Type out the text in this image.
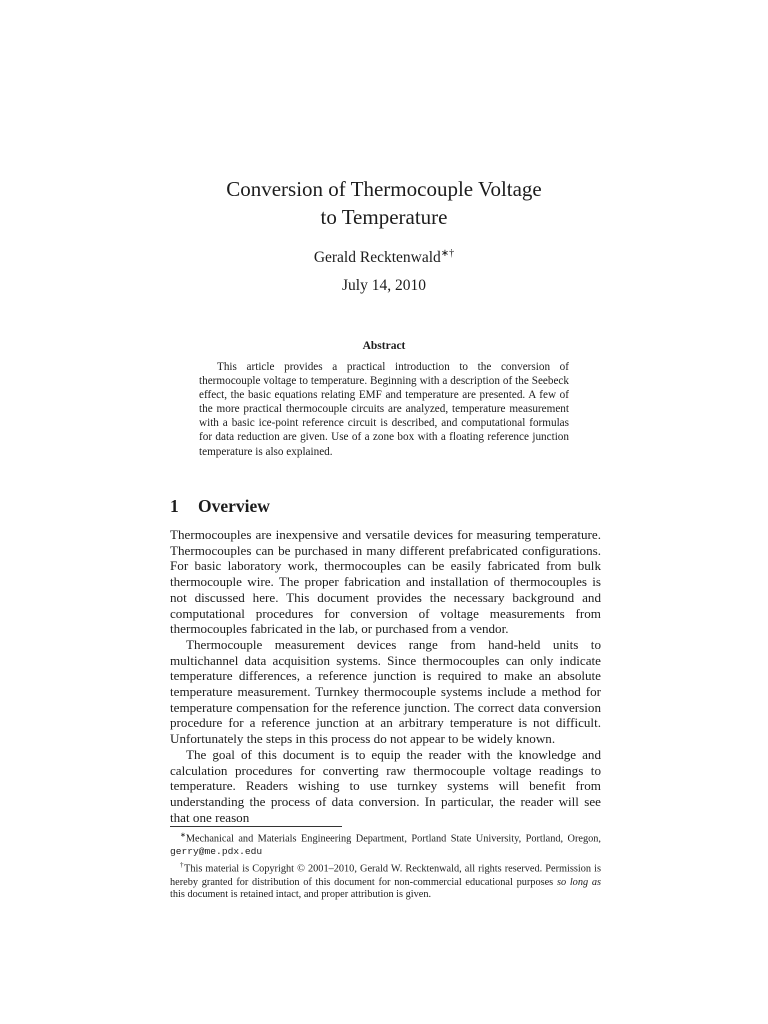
Conversion of Thermocouple Voltage
to Temperature
Gerald Recktenwald∗†
July 14, 2010
Abstract

This article provides a practical introduction to the conversion of thermocouple voltage to temperature. Beginning with a description of the Seebeck effect, the basic equations relating EMF and temperature are presented. A few of the more practical thermocouple circuits are analyzed, temperature measurement with a basic ice-point reference circuit is described, and computational formulas for data reduction are given. Use of a zone box with a floating reference junction temperature is also explained.

1 Overview

Thermocouples are inexpensive and versatile devices for measuring temperature. Thermocouples can be purchased in many different prefabricated configurations. For basic laboratory work, thermocouples can be easily fabricated from bulk thermocouple wire. The proper fabrication and installation of thermocouples is not discussed here. This document provides the necessary background and computational procedures for conversion of voltage measurements from thermocouples fabricated in the lab, or purchased from a vendor.

Thermocouple measurement devices range from hand-held units to multichannel data acquisition systems. Since thermocouples can only indicate temperature differences, a reference junction is required to make an absolute temperature measurement. Turnkey thermocouple systems include a method for temperature compensation for the reference junction. The correct data conversion procedure for a reference junction at an arbitrary temperature is not difficult. Unfortunately the steps in this process do not appear to be widely known.

The goal of this document is to equip the reader with the knowledge and calculation procedures for converting raw thermocouple voltage readings to temperature. Readers wishing to use turnkey systems will benefit from understanding the process of data conversion. In particular, the reader will see that one reason

∗Mechanical and Materials Engineering Department, Portland State University, Portland, Oregon, gerry@me.pdx.edu

†This material is Copyright © 2001–2010, Gerald W. Recktenwald, all rights reserved. Permission is hereby granted for distribution of this document for non-commercial educational purposes so long as this document is retained intact, and proper attribution is given.
